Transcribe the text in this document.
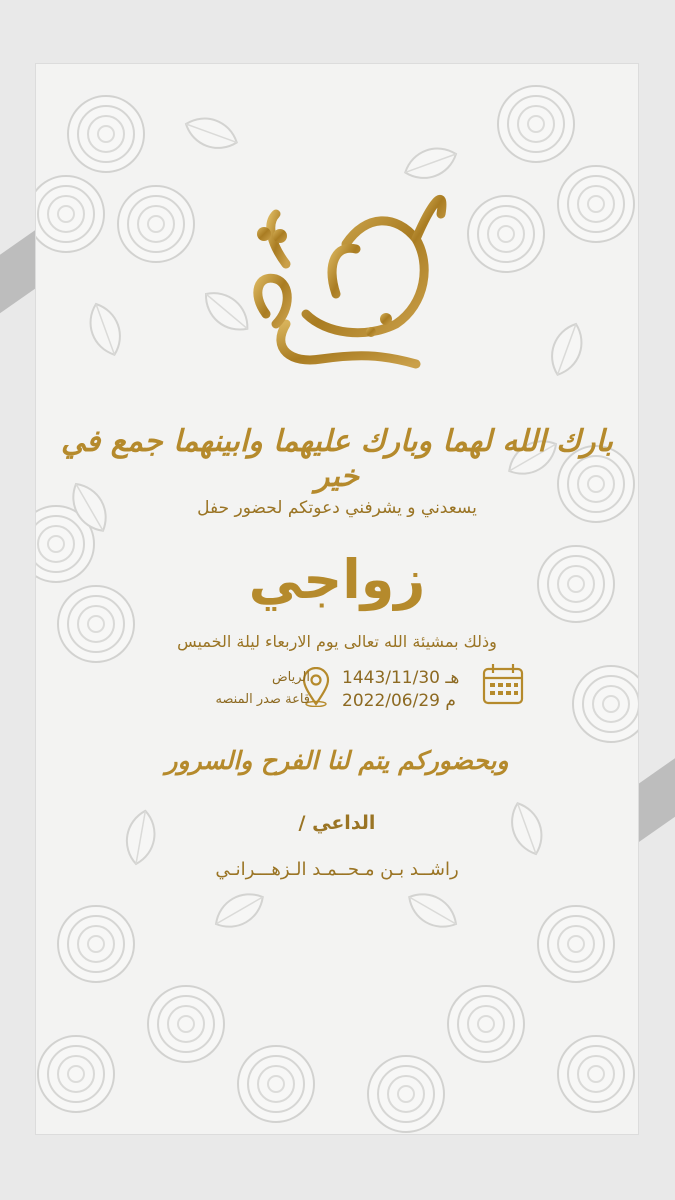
بارك الله لهما وبارك عليهما وابينهما جمع في خير
يسعدني و يشرفني دعوتكم لحضور حفل
زواجي
وذلك بمشيئة الله تعالى يوم الاربعاء ليلة الخميس
1443/11/30 هـ
2022/06/29 م
الرياض
قاعة صدر المنصه
وبحضوركم يتم لنا الفرح والسرور
الداعي /
راشــد بـن مـحــمـد الـزهـــرانـي
